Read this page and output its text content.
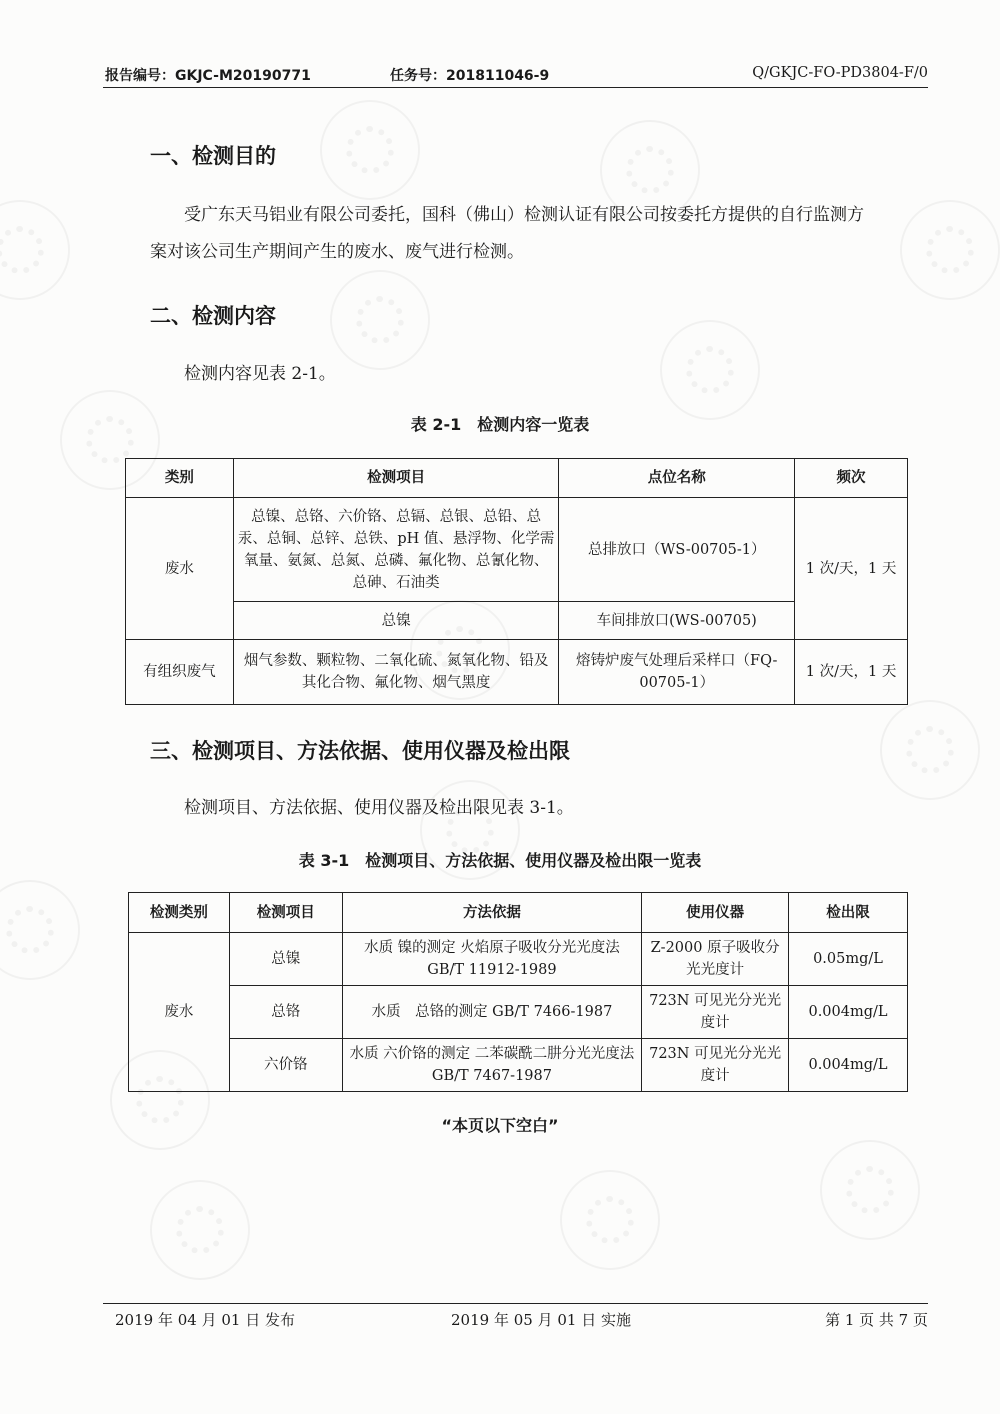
报告编号：GKJC-M20190771	任务号：201811046-9	Q/GKJC-FO-PD3804-F/0
一、检测目的
受广东天马铝业有限公司委托，国科（佛山）检测认证有限公司按委托方提供的自行监测方案对该公司生产期间产生的废水、废气进行检测。
二、检测内容
检测内容见表 2-1。
表 2-1　检测内容一览表
类别	检测项目	点位名称	频次
废水	总镍、总铬、六价铬、总镉、总银、总铅、总汞、总铜、总锌、总铁、pH 值、悬浮物、化学需氧量、氨氮、总氮、总磷、氟化物、总氰化物、总砷、石油类	总排放口（WS-00705-1）	1 次/天，1 天
	总镍	车间排放口(WS-00705)	
有组织废气	烟气参数、颗粒物、二氧化硫、氮氧化物、铅及其化合物、氟化物、烟气黑度	熔铸炉废气处理后采样口（FQ-00705-1）	1 次/天，1 天
三、检测项目、方法依据、使用仪器及检出限
检测项目、方法依据、使用仪器及检出限见表 3-1。
表 3-1　检测项目、方法依据、使用仪器及检出限一览表
检测类别	检测项目	方法依据	使用仪器	检出限
废水	总镍	水质 镍的测定 火焰原子吸收分光光度法 GB/T 11912-1989	Z-2000 原子吸收分光光度计	0.05mg/L
	总铬	水质　总铬的测定 GB/T 7466-1987	723N 可见光分光光度计	0.004mg/L
	六价铬	水质 六价铬的测定 二苯碳酰二肼分光光度法 GB/T 7467-1987	723N 可见光分光光度计	0.004mg/L
“本页以下空白”
2019 年 04 月 01 日 发布	2019 年 05 月 01 日 实施	第 1 页 共 7 页
